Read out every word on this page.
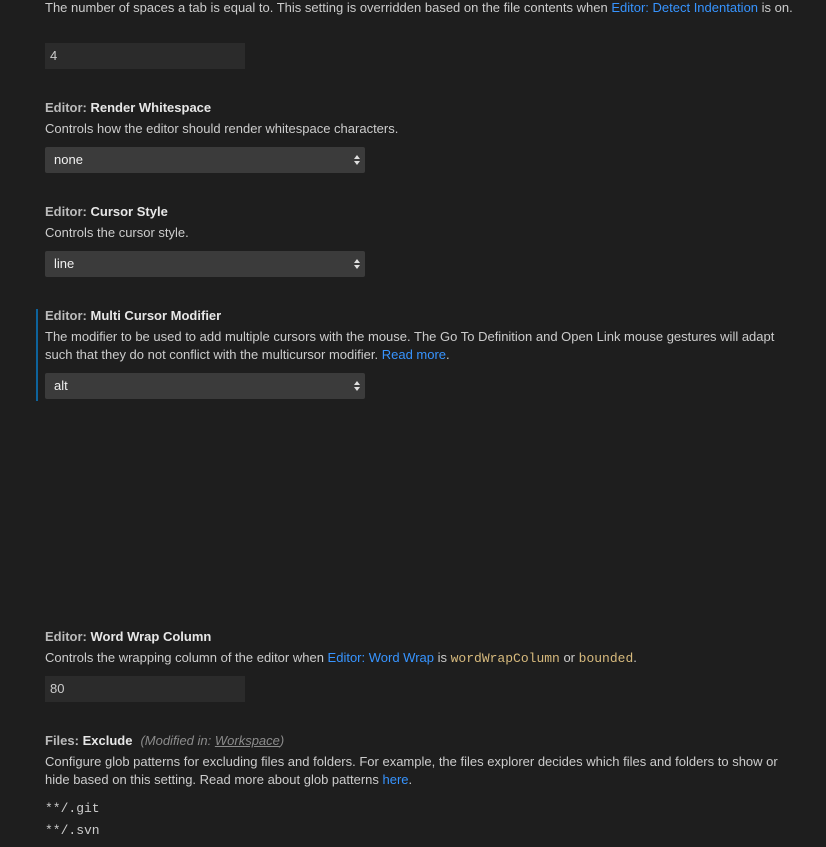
The number of spaces a tab is equal to. This setting is overridden based on the file contents when Editor: Detect Indentation is on.
4
Editor: Render Whitespace
Controls how the editor should render whitespace characters.
none
Editor: Cursor Style
Controls the cursor style.
line
Editor: Multi Cursor Modifier
The modifier to be used to add multiple cursors with the mouse. The Go To Definition and Open Link mouse gestures will adapt such that they do not conflict with the multicursor modifier. Read more.
alt
Editor: Word Wrap Column
Controls the wrapping column of the editor when Editor: Word Wrap is wordWrapColumn or bounded.
80
Files: Exclude (Modified in: Workspace)
Configure glob patterns for excluding files and folders. For example, the files explorer decides which files and folders to show or hide based on this setting. Read more about glob patterns here.
**/.git
**/.svn
